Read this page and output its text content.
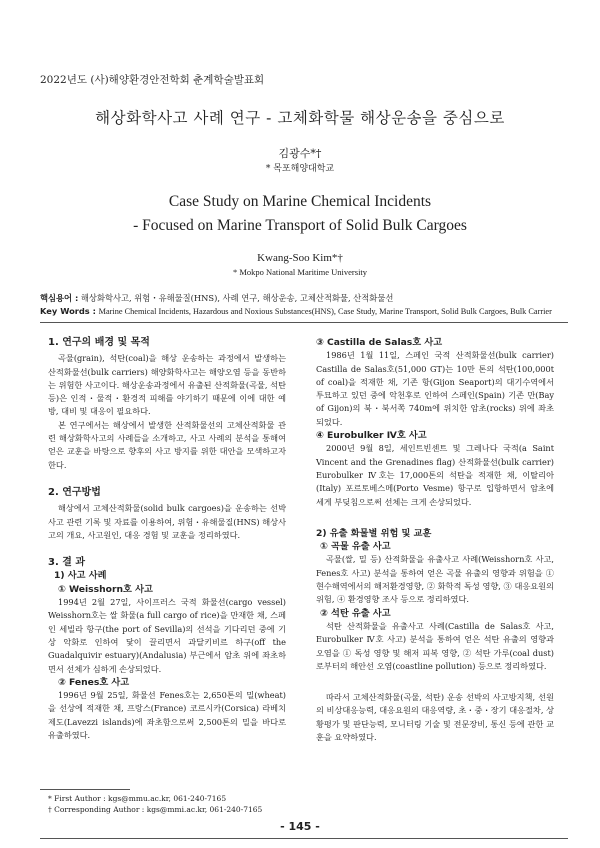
2022년도 (사)해양환경안전학회 춘계학술발표회
해상화학사고 사례 연구 - 고체화학물 해상운송을 중심으로
김광수*†
* 목포해양대학교
Case Study on Marine Chemical Incidents
- Focused on Marine Transport of Solid Bulk Cargoes
Kwang-Soo Kim*†
* Mokpo National Maritime University
핵심용어 : 해상화학사고, 위험・유해물질(HNS), 사례 연구, 해상운송, 고체산적화물, 산적화물선
Key Words : Marine Chemical Incidents, Hazardous and Noxious Substances(HNS), Case Study, Marine Transport, Solid Bulk Cargoes, Bulk Carrier
1. 연구의 배경 및 목적

곡물(grain), 석탄(coal)을 해상 운송하는 과정에서 발생하는 산적화물선(bulk carriers) 해양화학사고는 해양오염 등을 동반하는 위험한 사고이다. 해상운송과정에서 유출된 산적화물(곡물, 석탄 등)은 인적・물적・환경적 피해를 야기하기 때문에 이에 대한 예방, 대비 및 대응이 필요하다.

본 연구에서는 해상에서 발생한 산적화물선의 고체산적화물 관련 해상화학사고의 사례들을 소개하고, 사고 사례의 분석을 통해여 얻은 교훈을 바탕으로 향후의 사고 방지를 위한 대안을 모색하고자 한다.

2. 연구방법

해상에서 고체산적화물(solid bulk cargoes)을 운송하는 선박 사고 관련 기록 및 자료를 이용하여, 위험・유해물질(HNS) 해상사고의 개요, 사고원인, 대응 경험 및 교훈을 정리하였다.

3. 결 과
1) 사고 사례
① Weisshorn호 사고

1994년 2월 27일, 사이프러스 국적 화물선(cargo vessel) Weisshorn호는 쌀 화물(a full cargo of rice)을 만재한 채, 스페인 세빌라 항구(the port of Sevilla)의 선석을 기다리던 중에 기상 악화로 인하여 닻이 끌리면서 과달키비르 하구(off the Guadalquivir estuary)(Andalusia) 부근에서 암초 위에 좌초하면서 선체가 심하게 손상되었다.

② Fenes호 사고

1996년 9월 25일, 화물선 Fenes호는 2,650톤의 밀(wheat)을 선상에 적재한 채, 프랑스(France) 코르시카(Corsica) 라베치제도(Lavezzi islands)에 좌초함으로써 2,500톤의 밀을 바다로 유출하였다.

③ Castilla de Salas호 사고

1986년 1월 11일, 스페인 국적 산적화물선(bulk carrier) Castilla de Salas호(51,000 GT)는 10만 톤의 석탄(100,000t of coal)을 적재한 채, 기존 항(Gijon Seaport)의 대기수역에서 투묘하고 있던 중에 악천후로 인하여 스페인(Spain) 기존 만(Bay of Gijon)의 북・북서쪽 740m에 위치한 암초(rocks) 위에 좌초되었다.

④ Eurobulker Ⅳ호 사고

2000년 9월 8일, 세인트빈센트 및 그레나다 국적(a Saint Vincent and the Grenadines flag) 산적화물선(bulk carrier) Eurobulker Ⅳ호는 17,000톤의 석탄을 적재한 채, 이탈리아(Italy) 포르토베스메(Porto Vesme) 항구로 입항하면서 암초에 세게 부딪침으로써 선체는 크게 손상되었다.

2) 유출 화물별 위험 및 교훈
① 곡물 유출 사고

곡물(쌀, 밀 등) 산적화물을 유출사고 사례(Weisshorn호 사고, Fenes호 사고) 분석을 통하여 얻은 곡물 유출의 영향과 위험을 ① 현수해역에서의 해저환경영향, ② 화학적 독성 영향, ③ 대응요원의 위험, ④ 환경영향 조사 등으로 정리하였다.

② 석탄 유출 사고

석탄 산적화물을 유출사고 사례(Castilla de Salas호 사고, Eurobulker Ⅳ호 사고) 분석을 통하여 얻은 석탄 유출의 영향과 오염을 ① 독성 영향 및 해저 피복 영향, ② 석탄 가루(coal dust)로부터의 해안선 오염(coastline pollution) 등으로 정리하였다.

따라서 고체산적화물(곡물, 석탄) 운송 선박의 사고방지책, 선원의 비상대응능력, 대응요원의 대응역량, 초・중・장기 대응절차, 상황평가 및 판단능력, 모니터링 기술 및 전문장비, 통신 등에 관한 교훈을 요약하였다.

* First Author : kgs@mmu.ac.kr, 061-240-7165
† Corresponding Author : kgs@mmi.ac.kr, 061-240-7165
- 145 -
